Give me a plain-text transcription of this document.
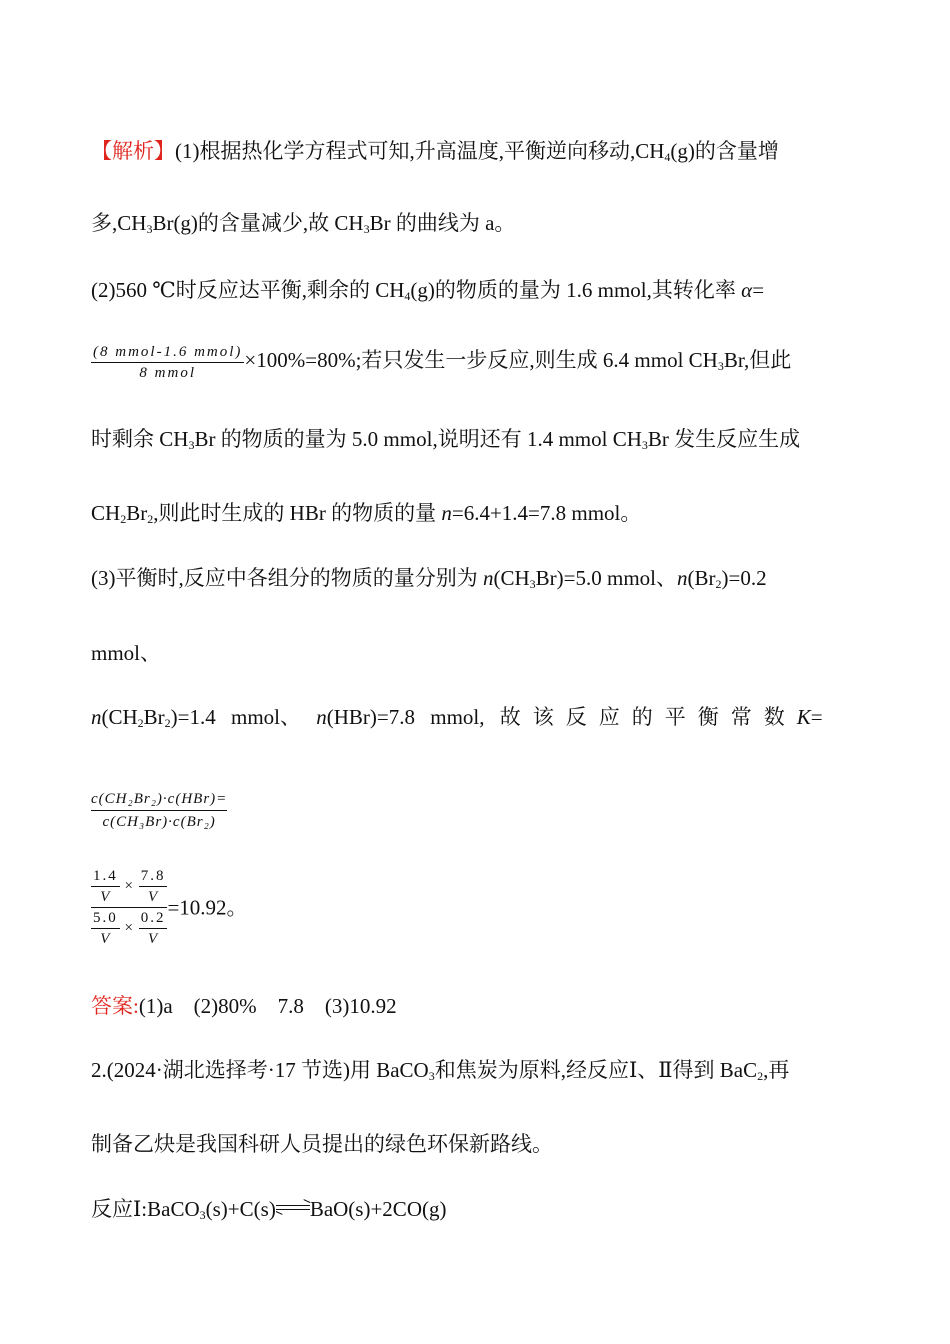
【解析】(1)根据热化学方程式可知,升高温度,平衡逆向移动$,CH_4(g)$的含量增
多$,CH_3Br(g)$的含量减少,故 $CH_3Br$ 的曲线为 a。
(2)560 ℃时反应达平衡,剩余的 $CH_4(g)$的物质的量为 1.6 mmol,其转化率 α=
$\frac{\text{(8 mmol-1.6 mmol)}}{\text{8 mmol}} \times 100\%=80\%$;若只发生一步反应,则生成 6.4 mmol $CH_3Br$,但此
时剩余 $CH_3Br$ 的物质的量为 5.0 mmol,说明还有 1.4 mmol $CH_3Br$ 发生反应生成
$CH_2Br_2$,则此时生成的 HBr 的物质的量 n=6.4+1.4=7.8 mmol。
(3)平衡时,反应中各组分的物质的量分别为 $n(CH_3Br)=5.0$ mmol、$n(Br_2)=0.2$
mmol、
$n(CH_2Br_2)=1.4$ mmol、 n(HBr)=7.8 mmol, 故该反应的平衡常数K=
c(CH₂Br₂)·c(HBr)=
c(CH₃Br)·c(Br₂)
$\frac{\frac{1.4}{V} \times \frac{7.8}{V}}{\frac{5.0}{V} \times \frac{0.2}{V}} =10.92$。
答案:(1)a    (2)80%    7.8    (3)10.92
2.(2024·湖北选择考·17 节选)用 BaCO$_3$和焦炭为原料,经反应Ⅰ、Ⅱ得到 BaC$_2$,再
制备乙炔是我国科研人员提出的绿色环保新路线。
反应Ⅰ:BaCO$_3$(s)+C(s) BaO(s)+2CO(g)
